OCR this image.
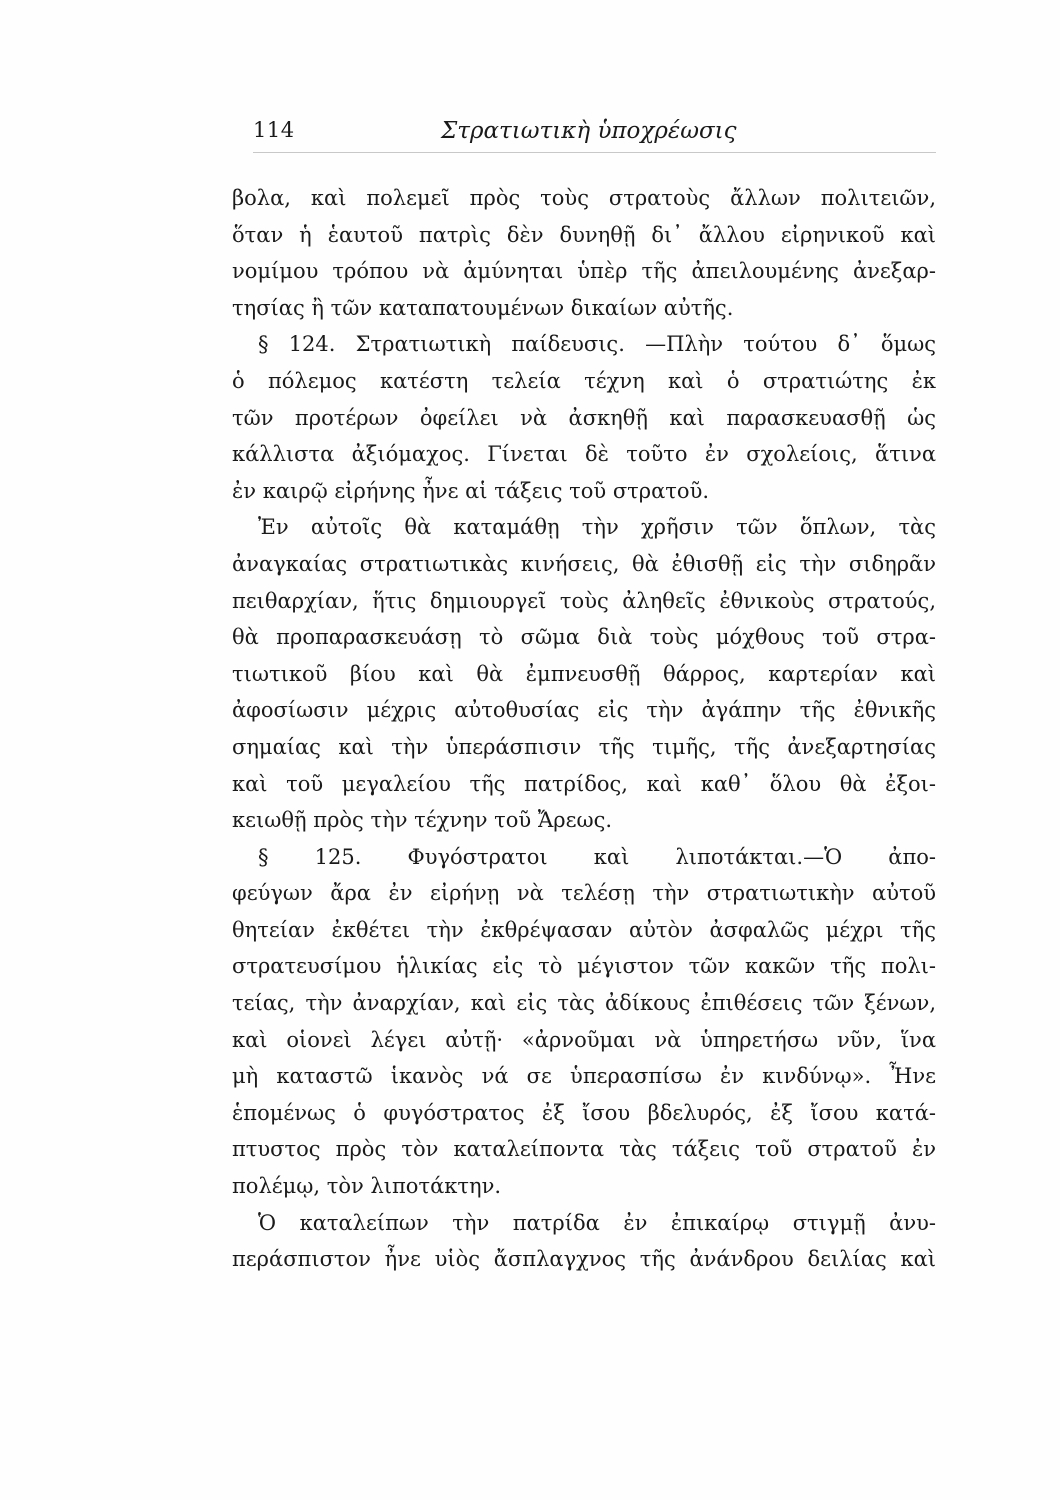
114	Στρατιωτικὴ ὑποχρέωσις
βολα, καὶ πολεμεῖ πρὸς τοὺς στρατοὺς ἄλλων πολιτειῶν,
ὅταν ἡ ἑαυτοῦ πατρὶς δὲν δυνηθῇ δι᾽ ἄλλου εἰρηνικοῦ καὶ
νομίμου τρόπου νὰ ἀμύνηται ὑπὲρ τῆς ἀπειλουμένης ἀνεξαρ-
τησίας ἢ τῶν καταπατουμένων δικαίων αὐτῆς.
§ 124. Στρατιωτικὴ παίδευσις. —Πλὴν τούτου δ᾽ ὅμως
ὁ πόλεμος κατέστη τελεία τέχνη καὶ ὁ στρατιώτης ἐκ
τῶν προτέρων ὀφείλει νὰ ἀσκηθῇ καὶ παρασκευασθῇ ὡς
κάλλιστα ἀξιόμαχος. Γίνεται δὲ τοῦτο ἐν σχολείοις, ἅτινα
ἐν καιρῷ εἰρήνης ἦνε αἱ τάξεις τοῦ στρατοῦ.
Ἐν αὐτοῖς θὰ καταμάθῃ τὴν χρῆσιν τῶν ὅπλων, τὰς
ἀναγκαίας στρατιωτικὰς κινήσεις, θὰ ἐθισθῇ εἰς τὴν σιδηρᾶν
πειθαρχίαν, ἥτις δημιουργεῖ τοὺς ἀληθεῖς ἐθνικοὺς στρατούς,
θὰ προπαρασκευάσῃ τὸ σῶμα διὰ τοὺς μόχθους τοῦ στρα-
τιωτικοῦ βίου καὶ θὰ ἐμπνευσθῇ θάρρος, καρτερίαν καὶ
ἀφοσίωσιν μέχρις αὐτοθυσίας εἰς τὴν ἀγάπην τῆς ἐθνικῆς
σημαίας καὶ τὴν ὑπεράσπισιν τῆς τιμῆς, τῆς ἀνεξαρτησίας
καὶ τοῦ μεγαλείου τῆς πατρίδος, καὶ καθ᾽ ὅλου θὰ ἐξοι-
κειωθῇ πρὸς τὴν τέχνην τοῦ Ἄρεως.
§ 125. Φυγόστρατοι καὶ λιποτάκται.—Ὁ ἀπο-
φεύγων ἄρα ἐν εἰρήνῃ νὰ τελέσῃ τὴν στρατιωτικὴν αὐτοῦ
θητείαν ἐκθέτει τὴν ἐκθρέψασαν αὐτὸν ἀσφαλῶς μέχρι τῆς
στρατευσίμου ἡλικίας εἰς τὸ μέγιστον τῶν κακῶν τῆς πολι-
τείας, τὴν ἀναρχίαν, καὶ εἰς τὰς ἀδίκους ἐπιθέσεις τῶν ξένων,
καὶ οἱονεὶ λέγει αὐτῇ· «ἀρνοῦμαι νὰ ὑπηρετήσω νῦν, ἵνα
μὴ καταστῶ ἱκανὸς νά σε ὑπερασπίσω ἐν κινδύνῳ». Ἦνε
ἑπομένως ὁ φυγόστρατος ἐξ ἴσου βδελυρός, ἐξ ἴσου κατά-
πτυστος πρὸς τὸν καταλείποντα τὰς τάξεις τοῦ στρατοῦ ἐν
πολέμῳ, τὸν λιποτάκτην.
Ὁ καταλείπων τὴν πατρίδα ἐν ἐπικαίρῳ στιγμῇ ἀνυ-
περάσπιστον ἦνε υἱὸς ἄσπλαγχνος τῆς ἀνάνδρου δειλίας καὶ
